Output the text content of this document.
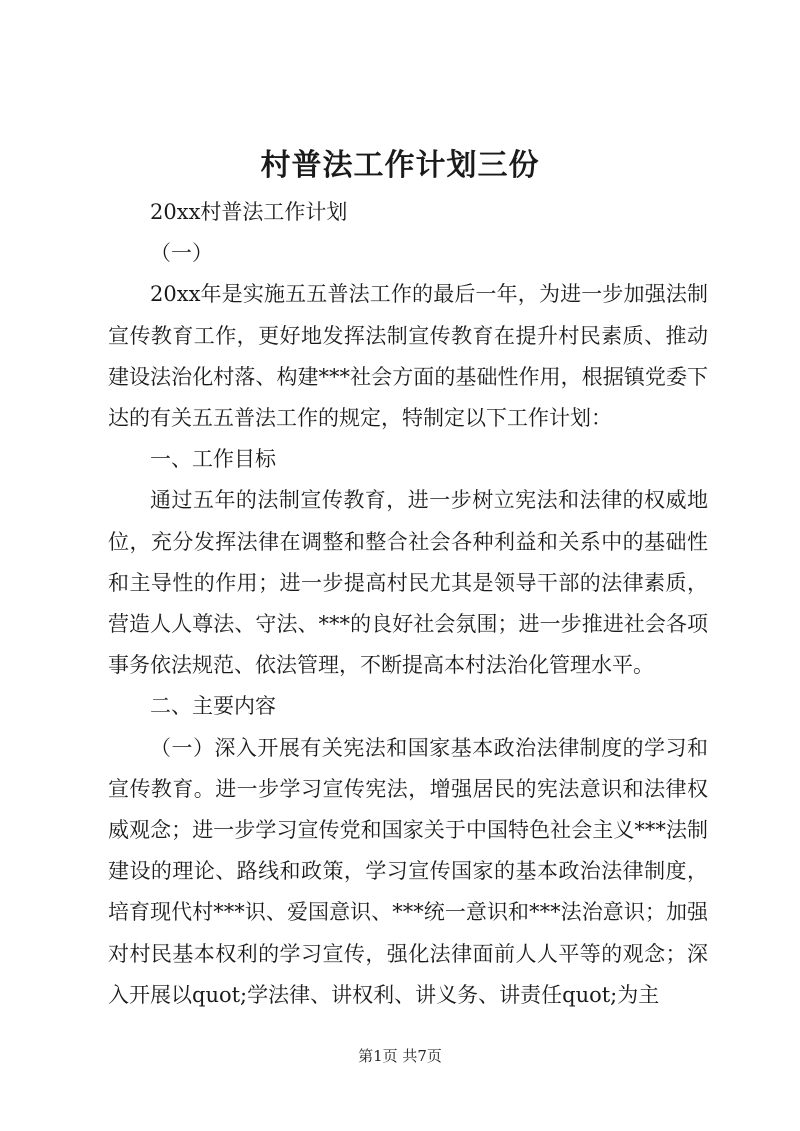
村普法工作计划三份

20xx村普法工作计划

（一）

20xx年是实施五五普法工作的最后一年，为进一步加强法制宣传教育工作，更好地发挥法制宣传教育在提升村民素质、推动建设法治化村落、构建***社会方面的基础性作用，根据镇党委下达的有关五五普法工作的规定，特制定以下工作计划：

一、工作目标

通过五年的法制宣传教育，进一步树立宪法和法律的权威地位，充分发挥法律在调整和整合社会各种利益和关系中的基础性和主导性的作用；进一步提高村民尤其是领导干部的法律素质，营造人人尊法、守法、***的良好社会氛围；进一步推进社会各项事务依法规范、依法管理，不断提高本村法治化管理水平。

二、主要内容

（一）深入开展有关宪法和国家基本政治法律制度的学习和宣传教育。进一步学习宣传宪法，增强居民的宪法意识和法律权威观念；进一步学习宣传党和国家关于中国特色社会主义***法制建设的理论、路线和政策，学习宣传国家的基本政治法律制度，培育现代村***识、爱国意识、***统一意识和***法治意识；加强对村民基本权利的学习宣传，强化法律面前人人平等的观念；深入开展以quot;学法律、讲权利、讲义务、讲责任quot;为主

第1页 共7页
